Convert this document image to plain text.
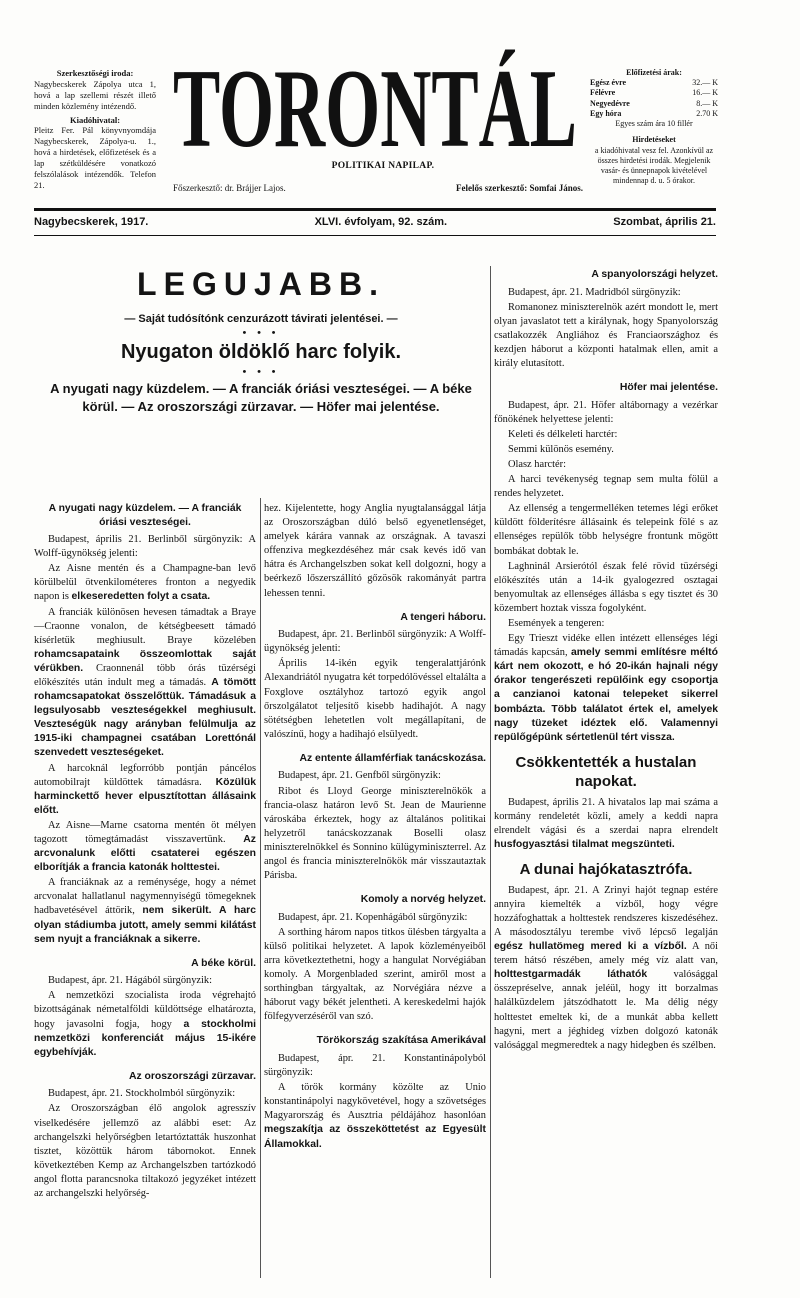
Szerkesztőségi iroda:
Nagybecskerek Zápolya utca 1, hová a lap szellemi részét illető minden közlemény intézendő.
Kiadóhivatal:
Pleitz Fer. Pál könyvnyomdája Nagybecskerek, Zápolya-u. 1., hová a hirdetések, előfizetések és a lap szétküldésére vonatkozó felszólalások intézendők. Telefon 21.
TORONTÁL
POLITIKAI NAPILAP.
Előfizetési árak:
Egész évre	32.— K
Félévre	16.— K
Negyedévre	8.— K
Egy hóra	2.70 K
Egyes szám ára 10 fillér
Hirdetéseket
a kiadóhivatal vesz fel. Azonkívül az összes hirdetési irodák. Megjelenik vasár- és ünnepnapok kivételével mindennap d. u. 5 órakor.
Főszerkesztő: dr. Brájjer Lajos.	Felelős szerkesztő: Somfai János.
Nagybecskerek, 1917.	XLVI. évfolyam, 92. szám.	Szombat, április 21.
LEGUJABB.
— Saját tudósítónk cenzurázott távirati jelentései. —
• • •
Nyugaton öldöklő harc folyik.
• • •
A nyugati nagy küzdelem. — A franciák óriási veszteségei. — A béke körül. — Az oroszországi zürzavar. — Höfer mai jelentése.
A nyugati nagy küzdelem. — A franciák óriási veszteségei.

Budapest, április 21. Berlinből sürgönyzik: A Wolff-ügynökség jelenti:

Az Aisne mentén és a Champagne-ban levő körülbelül ötvenkilométeres fronton a negyedik napon is elkeseredetten folyt a csata.

A franciák különösen hevesen támadtak a Braye—Craonne vonalon, de kétségbeesett támadó kísérletük meghiusult. Braye közelében rohamcsapataink összeomlottak saját vérükben. Craonnenál több órás tüzérségi előkészítés után indult meg a támadás. A tömött rohamcsapatokat összelőttük. Támadásuk a legsulyosabb veszteségekkel meghiusult. Veszteségük nagy arányban felülmulja az 1915-iki champagnei csatában Lorettónál szenvedett veszteségeket.

A harcoknál legforróbb pontján páncélos automobilrajt küldöttek támadásra. Közülük harminckettő hever elpusztítottan állásaink előtt.

Az Aisne—Marne csatorna mentén öt mélyen tagozott tömegtámadást visszavertünk. Az arcvonalunk előtti csataterei egészen elborítják a francia katonák holttestei.

A franciáknak az a reménysége, hogy a német arcvonalat hallatlanul nagymennyiségű tömegeknek hadbavetésével áttörik, nem sikerült. A harc olyan stádiumba jutott, amely semmi kilátást sem nyujt a franciáknak a sikerre.

A béke körül.

Budapest, ápr. 21. Hágából sürgönyzik:

A nemzetközi szocialista iroda végrehajtó bizottságának németalföldi küldöttsége elhatározta, hogy javasolni fogja, hogy a stockholmi nemzetközi konferenciát május 15-ikére egybehívják.

Az oroszországi zürzavar.

Budapest, ápr. 21. Stockholmból sürgönyzik:

Az Oroszországban élő angolok agresszív viselkedésére jellemző az alábbi eset: Az archangelszki helyőrségben letartóztatták huszonhat tisztet, közöttük három tábornokot. Ennek következtében Kemp az Archangelszben tartózkodó angol flotta parancsnoka tiltakozó jegyzéket intézett az archangelszki helyőrség-

hez. Kijelentette, hogy Anglia nyugtalansággal látja az Oroszországban dúló belső egyenetlenséget, amelyek kárára vannak az országnak. A tavaszi offenziva megkezdéséhez már csak kevés idő van hátra és Archangelszben sokat kell dolgozni, hogy a beérkező lőszerszállító gőzösök rakományát partra lehessen tenni.

A tengeri háboru.

Budapest, ápr. 21. Berlinből sürgönyzik: A Wolff-ügynökség jelenti:

Április 14-ikén egyik tengeralattjárónk Alexandriától nyugatra két torpedólövéssel eltalálta a Foxglove osztályhoz tartozó egyik angol őrszolgálatot teljesítő kisebb hadihajót. A nagy sötétségben lehetetlen volt megállapítani, de valószínű, hogy a hadihajó elsülyedt.

Az entente államférfiak tanácskozása.

Budapest, ápr. 21. Genfből sürgönyzik:

Ribot és Lloyd George miniszterelnökök a francia-olasz határon levő St. Jean de Maurienne városkába érkeztek, hogy az általános politikai helyzetről tanácskozzanak Boselli olasz miniszterelnökkel és Sonnino külügyminiszterrel. Az angol és francia miniszterelnökök már visszautaztak Párisba.

Komoly a norvég helyzet.

Budapest, ápr. 21. Kopenhágából sürgönyzik:

A sorthing három napos titkos ülésben tárgyalta a külső politikai helyzetet. A lapok közleményeiből arra következtethetni, hogy a hangulat Norvégiában komoly. A Morgenbladed szerint, amiről most a sorthingban tárgyaltak, az Norvégiára nézve a háborut vagy békét jelentheti. A kereskedelmi hajók fölfegyverzéséről van szó.

Törökország szakítása Amerikával

Budapest, ápr. 21. Konstantinápolyból sürgönyzik:

A török kormány közölte az Unio konstantinápolyi nagykövetével, hogy a szövetséges Magyarország és Ausztria példájához hasonlóan megszakítja az összeköttetést az Egyesült Államokkal.

A spanyolországi helyzet.

Budapest, ápr. 21. Madridból sürgönyzik:

Romanonez miniszterelnök azért mondott le, mert olyan javaslatot tett a királynak, hogy Spanyolország csatlakozzék Angliához és Franciaországhoz és kezdjen háborut a központi hatalmak ellen, amit a király elutasított.

Höfer mai jelentése.

Budapest, ápr. 21. Höfer altábornagy a vezérkar főnökének helyettese jelenti:

Keleti és délkeleti harctér:

Semmi különös esemény.

Olasz harctér:

A harci tevékenység tegnap sem multa fölül a rendes helyzetet.

Az ellenség a tengermelléken tetemes légi erőket küldött földerítésre állásaink és telepeink fölé s az ellenséges repülők több helységre frontunk mögött bombákat dobtak le.

Laghninál Arsierótól észak felé rövid tüzérségi előkészítés után a 14-ik gyalogezred osztagai benyomultak az ellenséges állásba s egy tisztet és 30 közembert hoztak vissza fogolyként.

Események a tengeren:

Egy Trieszt vidéke ellen intézett ellenséges légi támadás kapcsán, amely semmi említésre méltó kárt nem okozott, e hó 20-ikán hajnali négy órakor tengerészeti repülőink egy csoportja a canzianoi katonai telepeket sikerrel bombázta. Több találatot értek el, amelyek nagy tüzeket idéztek elő. Valamennyi repülőgépünk sértetlenül tért vissza.

Csökkentették a hustalan napokat.

Budapest, április 21. A hivatalos lap mai száma a kormány rendeletét közli, amely a keddi napra elrendelt vágási és a szerdai napra elrendelt husfogyasztási tilalmat megszünteti.

A dunai hajókatasztrófa.

Budapest, ápr. 21. A Zrinyi hajót tegnap estére annyira kiemelték a vízből, hogy végre hozzáfoghattak a holttestek rendszeres kiszedéséhez. A másodosztályu terembe vivő lépcső legalján egész hullatömeg mered ki a vízből. A női terem hátsó részében, amely még víz alatt van, holttestgarmadák láthatók	valósággal összepréselve, annak jeléül, hogy itt borzalmas halálküzdelem játszódhatott le. Ma délig négy holttestet emeltek ki, de a munkát abba kellett hagyni, mert a jéghideg vízben dolgozó katonák valósággal megmeredtek a nagy hidegben és szélben.
